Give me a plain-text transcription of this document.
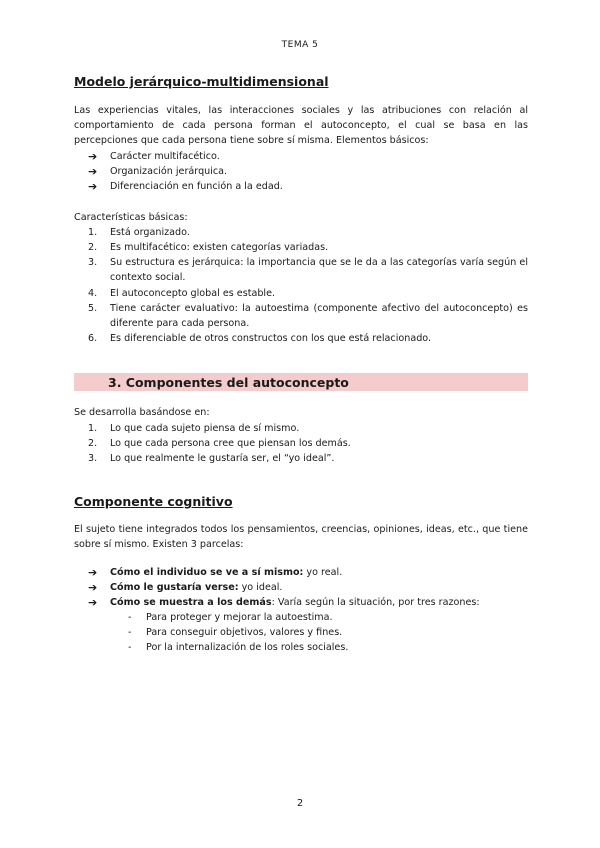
TEMA 5

Modelo jerárquico-multidimensional

Las experiencias vitales, las interacciones sociales y las atribuciones con relación al comportamiento de cada persona forman el autoconcepto, el cual se basa en las percepciones que cada persona tiene sobre sí misma. Elementos básicos:

➔ Carácter multifacético.
➔ Organización jerárquica.
➔ Diferenciación en función a la edad.

Características básicas:

1. Está organizado.
2. Es multifacético: existen categorías variadas.
3. Su estructura es jerárquica: la importancia que se le da a las categorías varía según el contexto social.
4. El autoconcepto global es estable.
5. Tiene carácter evaluativo: la autoestima (componente afectivo del autoconcepto) es diferente para cada persona.
6. Es diferenciable de otros constructos con los que está relacionado.
3. Componentes del autoconcepto

Se desarrolla basándose en:

1. Lo que cada sujeto piensa de sí mismo.
2. Lo que cada persona cree que piensan los demás.
3. Lo que realmente le gustaría ser, el “yo ideal”.

Componente cognitivo

El sujeto tiene integrados todos los pensamientos, creencias, opiniones, ideas, etc., que tiene sobre sí mismo. Existen 3 parcelas:

➔ Cómo el individuo se ve a sí mismo: yo real.
➔ Cómo le gustaría verse: yo ideal.
➔ Cómo se muestra a los demás: Varía según la situación, por tres razones:
- Para proteger y mejorar la autoestima.
- Para conseguir objetivos, valores y fines.
- Por la internalización de los roles sociales.
2
